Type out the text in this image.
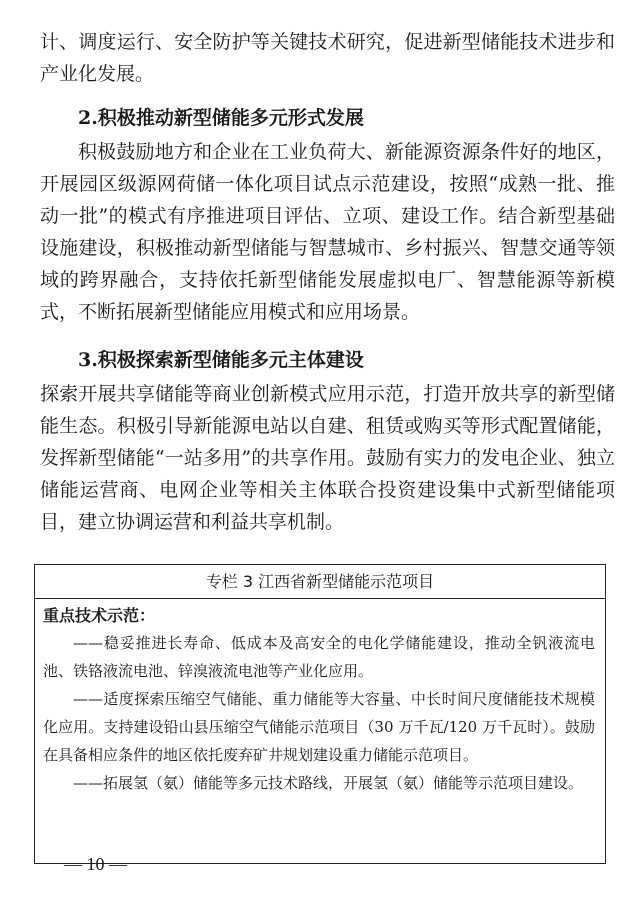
计、调度运行、安全防护等关键技术研究，促进新型储能技术进步和产业化发展。

2.积极推动新型储能多元形式发展

积极鼓励地方和企业在工业负荷大、新能源资源条件好的地区，开展园区级源网荷储一体化项目试点示范建设，按照“成熟一批、推动一批”的模式有序推进项目评估、立项、建设工作。结合新型基础设施建设，积极推动新型储能与智慧城市、乡村振兴、智慧交通等领域的跨界融合，支持依托新型储能发展虚拟电厂、智慧能源等新模式，不断拓展新型储能应用模式和应用场景。

3.积极探索新型储能多元主体建设

探索开展共享储能等商业创新模式应用示范，打造开放共享的新型储能生态。积极引导新能源电站以自建、租赁或购买等形式配置储能，发挥新型储能“一站多用”的共享作用。鼓励有实力的发电企业、独立储能运营商、电网企业等相关主体联合投资建设集中式新型储能项目，建立协调运营和利益共享机制。

专栏 3 江西省新型储能示范项目

重点技术示范：

——稳妥推进长寿命、低成本及高安全的电化学储能建设，推动全钒液流电池、铁铬液流电池、锌溴液流电池等产业化应用。

——适度探索压缩空气储能、重力储能等大容量、中长时间尺度储能技术规模化应用。支持建设铅山县压缩空气储能示范项目（30 万千瓦/120 万千瓦时）。鼓励在具备相应条件的地区依托废弃矿井规划建设重力储能示范项目。

——拓展氢（氨）储能等多元技术路线，开展氢（氨）储能等示范项目建设。

— 10 —
